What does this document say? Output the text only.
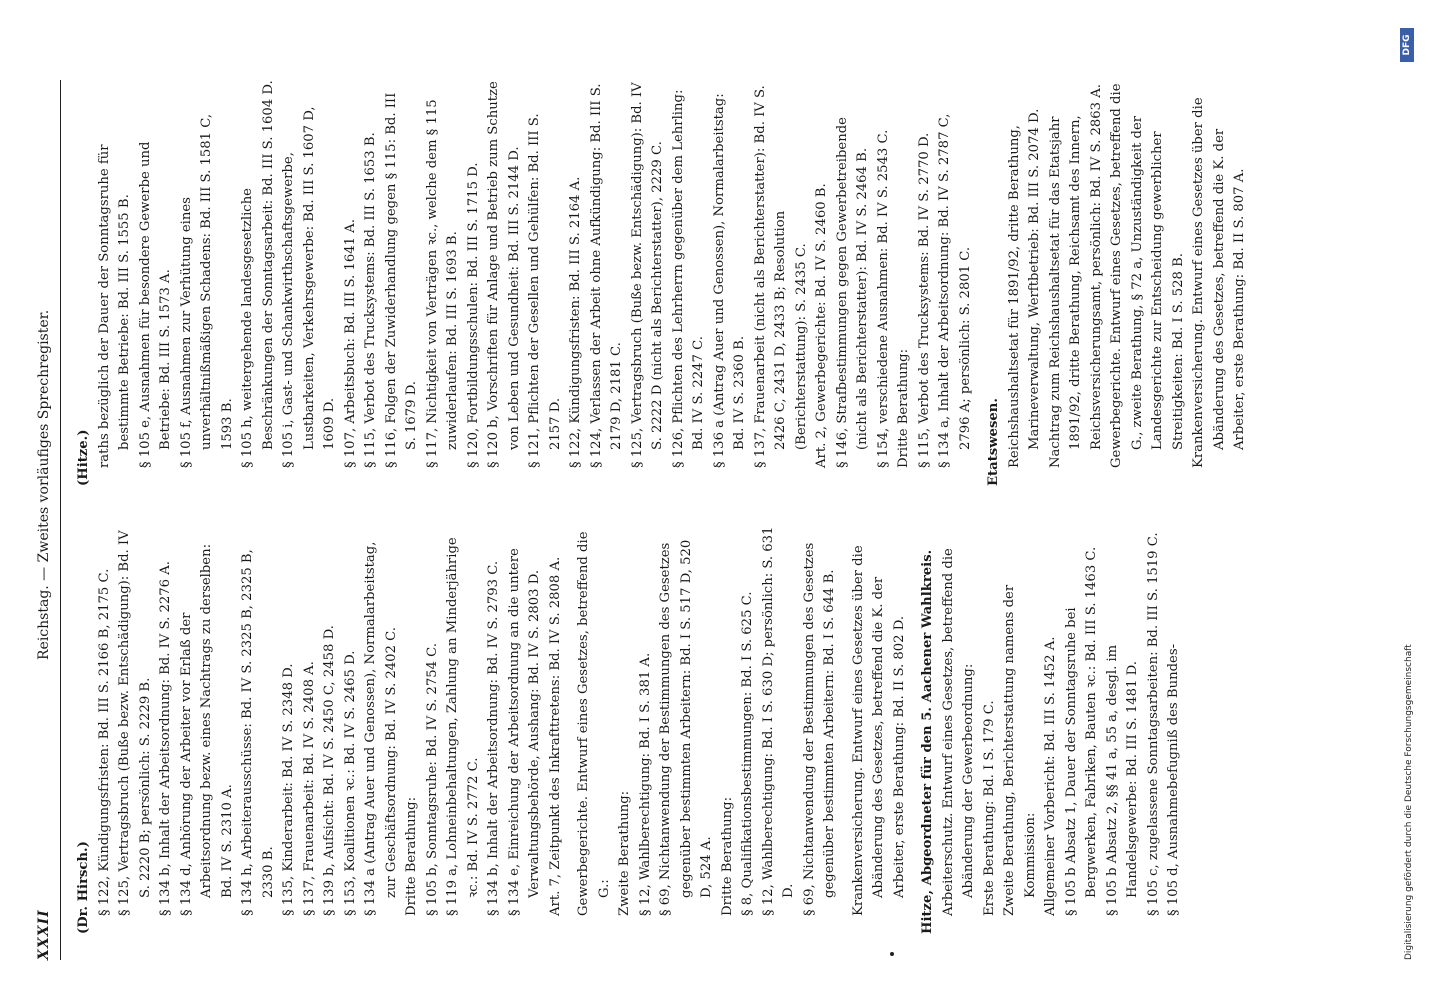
XXXII
Reichstag. — Zweites vorläufiges Sprechregister.
(Dr. Hirsch.) § 122, Kündigungsfristen: Bd. III S. 2166 B, 2175 C. § 125, Vertragsbruch (Buße bezw. Entschädigung): Bd. IV S. 2220 B; persönlich: S. 2229 B. § 134 b, Inhalt der Arbeitsordnung: Bd. IV S. 2276 A. § 134 d, Anhörung der Arbeiter vor Erlaß der Arbeitsordnung bezw. eines Nachtrags zu derselben: Bd. IV S. 2310 A. § 134 h, Arbeiterausschüsse: Bd. IV S. 2325 B, 2325 B, 2330 B. § 135, Kinderarbeit: Bd. IV S. 2348 D. § 137, Frauenarbeit: Bd. IV S. 2408 A. § 139 b, Aufsicht: Bd. IV S. 2450 C, 2458 D. § 153, Koalitionen ꝛc.: Bd. IV S. 2465 D. § 134 a (Antrag Auer und Genossen), Normalarbeitstag, zur Geschäftsordnung: Bd. IV S. 2402 C. Dritte Berathung: § 105 b, Sonntagsruhe: Bd. IV S. 2754 C. § 119 a, Lohneinbehaltungen, Zahlung an Minderjährige ꝛc.: Bd. IV S. 2772 C. § 134 b, Inhalt der Arbeitsordnung: Bd. IV S. 2793 C. § 134 e, Einreichung der Arbeitsordnung an die untere Verwaltungsbehörde, Aushang: Bd. IV S. 2803 D. Art. 7, Zeitpunkt des Inkrafttretens: Bd. IV S. 2808 A. Gewerbegerichte. Entwurf eines Gesetzes, betreffend die G.: Zweite Berathung: § 12, Wahlberechtigung: Bd. I S. 381 A. § 69, Nichtanwendung der Bestimmungen des Gesetzes gegenüber bestimmten Arbeitern: Bd. I S. 517 D, 520 D, 524 A. Dritte Berathung: § 8, Qualifikationsbestimmungen: Bd. I S. 625 C. § 12, Wahlberechtigung: Bd. I S. 630 D; persönlich: S. 631 D. § 69, Nichtanwendung der Bestimmungen des Gesetzes gegenüber bestimmten Arbeitern: Bd. I S. 644 B. Krankenversicherung. Entwurf eines Gesetzes über die Abänderung des Gesetzes, betreffend die K. der Arbeiter, erste Berathung: Bd. II S. 802 D. Hitze, Abgeordneter für den 5. Aachener Wahlkreis. Arbeiterschutz. Entwurf eines Gesetzes, betreffend die Abänderung der Gewerbeordnung: Erste Berathung: Bd. I S. 179 C. Zweite Berathung, Berichterstattung namens der Kommission: Allgemeiner Vorbericht: Bd. III S. 1452 A. § 105 b Absatz 1, Dauer der Sonntagsruhe bei Bergwerken, Fabriken, Bauten ꝛc.: Bd. III S. 1463 C. § 105 b Absatz 2, §§ 41 a, 55 a, desgl. im Handelsgewerbe: Bd. III S. 1481 D. § 105 c, zugelassene Sonntagsarbeiten: Bd. III S. 1519 C. § 105 d, Ausnahmebefugniß des Bundes-
(Hitze.) raths bezüglich der Dauer der Sonntagsruhe für bestimmte Betriebe: Bd. III S. 1555 B. § 105 e, Ausnahmen für besondere Gewerbe und Betriebe: Bd. III S. 1573 A. § 105 f, Ausnahmen zur Verhütung eines unverhältnißmäßigen Schadens: Bd. III S. 1581 C, 1593 B. § 105 h, weitergehende landesgesetzliche Beschränkungen der Sonntagsarbeit: Bd. III S. 1604 D. § 105 i, Gast- und Schankwirthschaftsgewerbe, Lustbarkeiten, Verkehrsgewerbe: Bd. III S. 1607 D, 1609 D. § 107, Arbeitsbuch: Bd. III S. 1641 A. § 115, Verbot des Trucksystems: Bd. III S. 1653 B. § 116, Folgen der Zuwiderhandlung gegen § 115: Bd. III S. 1679 D. § 117, Nichtigkeit von Verträgen ꝛc., welche dem § 115 zuwiderlaufen: Bd. III S. 1693 B. § 120, Fortbildungsschulen: Bd. III S. 1715 D. § 120 b, Vorschriften für Anlage und Betrieb zum Schutze von Leben und Gesundheit: Bd. III S. 2144 D. § 121, Pflichten der Gesellen und Gehülfen: Bd. III S. 2157 D. § 122, Kündigungsfristen: Bd. III S. 2164 A. § 124, Verlassen der Arbeit ohne Aufkündigung: Bd. III S. 2179 D, 2181 C. § 125, Vertragsbruch (Buße bezw. Entschädigung): Bd. IV S. 2222 D (nicht als Berichterstatter), 2229 C. § 126, Pflichten des Lehrherrn gegenüber dem Lehrling: Bd. IV S. 2247 C. § 136 a (Antrag Auer und Genossen), Normalarbeitstag: Bd. IV S. 2360 B. § 137, Frauenarbeit (nicht als Berichterstatter): Bd. IV S. 2426 C, 2431 D, 2433 B; Resolution (Berichterstattung): S. 2435 C. Art. 2, Gewerbegerichte: Bd. IV S. 2460 B. § 146, Strafbestimmungen gegen Gewerbetreibende (nicht als Berichterstatter): Bd. IV S. 2464 B. § 154, verschiedene Ausnahmen: Bd. IV S. 2543 C. Dritte Berathung: § 115, Verbot des Trucksystems: Bd. IV S. 2770 D. § 134 a, Inhalt der Arbeitsordnung: Bd. IV S. 2787 C, 2796 A; persönlich: S. 2801 C. Etatswesen. Reichshaushaltsetat für 1891/92, dritte Berathung, Marineverwaltung, Werftbetrieb: Bd. III S. 2074 D. Nachtrag zum Reichshaushaltsetat für das Etatsjahr 1891/92, dritte Berathung, Reichsamt des Innern, Reichsversicherungsamt, persönlich: Bd. IV S. 2863 A. Gewerbegerichte. Entwurf eines Gesetzes, betreffend die G., zweite Berathung, § 72 a, Unzuständigkeit der Landesgerichte zur Entscheidung gewerblicher Streitigkeiten: Bd. I S. 528 B. Krankenversicherung. Entwurf eines Gesetzes über die Abänderung des Gesetzes, betreffend die K. der Arbeiter, erste Berathung: Bd. II S. 807 A.
Digitalisierung gefördert durch die Deutsche Forschungsgemeinschaft
DFG
